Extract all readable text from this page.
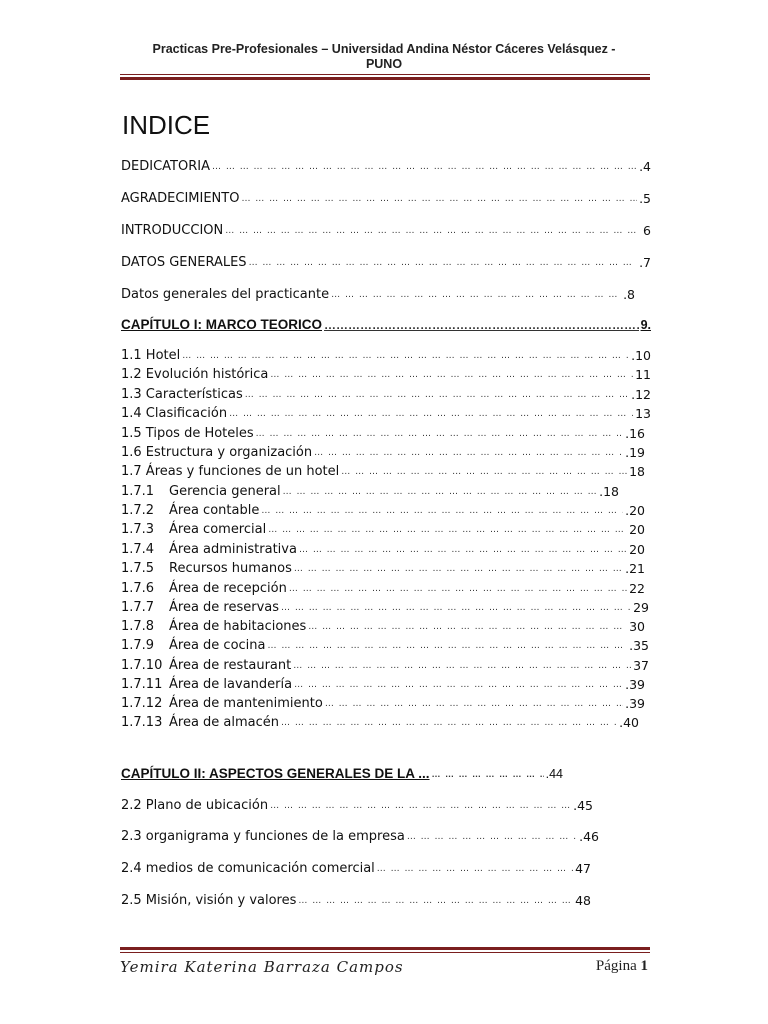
Practicas Pre-Profesionales – Universidad Andina Néstor Cáceres Velásquez -
PUNO
INDICE
DEDICATORIA … … … … … … … … … … … … … … … … … … … … … … … … … … … … … … … … … … … … … … … … … … … … … … … … … … …	.4
AGRADECIMIENTO … … … … … … … … … … … … … … … … … … … … … … … … … … … … … … … … … … … … … … … … … … … … … … … … … … …	.5
INTRODUCCION … … … … … … … … … … … … … … … … … … … … … … … … … … … … … … … … … … … … … … … … … … … … … … … … … … …	6
DATOS GENERALES … … … … … … … … … … … … … … … … … … … … … … … … … … … … … … … … … … … … … … … … … … … … … … … … … … …	.7
Datos generales del practicante … … … … … … … … … … … … … … … … … … … … … … … … … … … … … … … … … … … … … … … … … … … … … … … … … … …	.8
CAPÍTULO I: MARCO TEORICO …………………………………………………………………………………………………………………	9.
1.1 Hotel … … … … … … … … … … … … … … … … … … … … … … … … … … … … … … … … … … … … … … … … … … … … … … … … … … …	.10
1.2 Evolución histórica … … … … … … … … … … … … … … … … … … … … … … … … … … … … … … … … … … … … … … … … … … … … … … … … … … …	11
1.3 Características … … … … … … … … … … … … … … … … … … … … … … … … … … … … … … … … … … … … … … … … … … … … … … … … … … …	.12
1.4 Clasificación … … … … … … … … … … … … … … … … … … … … … … … … … … … … … … … … … … … … … … … … … … … … … … … … … … …	13
1.5 Tipos de Hoteles … … … … … … … … … … … … … … … … … … … … … … … … … … … … … … … … … … … … … … … … … … … … … … … … … … …	.16
1.6 Estructura y organización … … … … … … … … … … … … … … … … … … … … … … … … … … … … … … … … … … … … … … … … … … … … … … … … … … …	.19
1.7 Áreas y funciones de un hotel … … … … … … … … … … … … … … … … … … … … … … … … … … … … … … … … … … … … … … … … … … … … … … … … … … …	18
1.7.1 Gerencia general … … … … … … … … … … … … … … … … … … … … … … … … … … … … … … … … … … … … … … … … … … … … … … … … … … …	.18
1.7.2 Área contable … … … … … … … … … … … … … … … … … … … … … … … … … … … … … … … … … … … … … … … … … … … … … … … … … … …	.20
1.7.3 Área comercial … … … … … … … … … … … … … … … … … … … … … … … … … … … … … … … … … … … … … … … … … … … … … … … … … … …	20
1.7.4 Área administrativa … … … … … … … … … … … … … … … … … … … … … … … … … … … … … … … … … … … … … … … … … … … … … … … … … … …	20
1.7.5 Recursos humanos … … … … … … … … … … … … … … … … … … … … … … … … … … … … … … … … … … … … … … … … … … … … … … … … … … …	.21
1.7.6 Área de recepción … … … … … … … … … … … … … … … … … … … … … … … … … … … … … … … … … … … … … … … … … … … … … … … … … … …	22
1.7.7 Área de reservas … … … … … … … … … … … … … … … … … … … … … … … … … … … … … … … … … … … … … … … … … … … … … … … … … … …	29
1.7.8 Área de habitaciones … … … … … … … … … … … … … … … … … … … … … … … … … … … … … … … … … … … … … … … … … … … … … … … … … … …	30
1.7.9 Área de cocina … … … … … … … … … … … … … … … … … … … … … … … … … … … … … … … … … … … … … … … … … … … … … … … … … … …	.35
1.7.10 Área de restaurant … … … … … … … … … … … … … … … … … … … … … … … … … … … … … … … … … … … … … … … … … … … … … … … … … … …	37
1.7.11 Área de lavandería … … … … … … … … … … … … … … … … … … … … … … … … … … … … … … … … … … … … … … … … … … … … … … … … … … …	.39
1.7.12 Área de mantenimiento … … … … … … … … … … … … … … … … … … … … … … … … … … … … … … … … … … … … … … … … … … … … … … … … … … …	.39
1.7.13 Área de almacén … … … … … … … … … … … … … … … … … … … … … … … … … … … … … … … … … … … … … … … … … … … … … … … … … … …	.40
CAPÍTULO II: ASPECTOS GENERALES DE LA ... … … … … … … … … … … … … … … … … … … … … … … … … … … … … … … … … … … … … … … … … … … … … … … … … … … …	.44
2.2 Plano de ubicación … … … … … … … … … … … … … … … … … … … … … … … … … … … … … … … … … … … … … … … … … … … … … … … … … … …	.45
2.3 organigrama y funciones de la empresa … … … … … … … … … … … … … … … … … … … … … … … … … … … … … … … … … … … … … … … … … … … … … … … … … … …	.46
2.4 medios de comunicación comercial … … … … … … … … … … … … … … … … … … … … … … … … … … … … … … … … … … … … … … … … … … … … … … … … … … …	47
2.5 Misión, visión y valores … … … … … … … … … … … … … … … … … … … … … … … … … … … … … … … … … … … … … … … … … … … … … … … … … … …	48
Yemira Katerina Barraza Campos	Página 1
